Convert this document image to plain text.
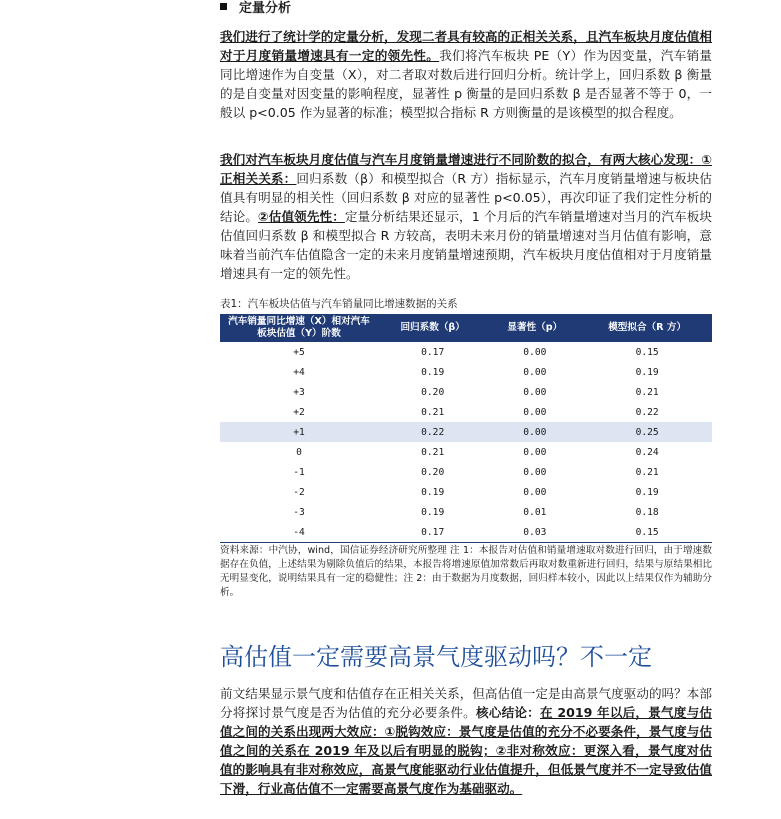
定量分析

我们进行了统计学的定量分析，发现二者具有较高的正相关关系，且汽车板块月度估值相对于月度销量增速具有一定的领先性。我们将汽车板块 PE（Y）作为因变量，汽车销量同比增速作为自变量（X），对二者取对数后进行回归分析。统计学上，回归系数 β 衡量的是自变量对因变量的影响程度，显著性 p 衡量的是回归系数 β 是否显著不等于 0，一般以 p<0.05 作为显著的标准；模型拟合指标 R 方则衡量的是该模型的拟合程度。

我们对汽车板块月度估值与汽车月度销量增速进行不同阶数的拟合，有两大核心发现：①正相关关系：回归系数（β）和模型拟合（R 方）指标显示，汽车月度销量增速与板块估值具有明显的相关性（回归系数 β 对应的显著性 p<0.05），再次印证了我们定性分析的结论。②估值领先性：定量分析结果还显示，1 个月后的汽车销量增速对当月的汽车板块估值回归系数 β 和模型拟合 R 方较高，表明未来月份的销量增速对当月估值有影响，意味着当前汽车估值隐含一定的未来月度销量增速预期，汽车板块月度估值相对于月度销量增速具有一定的领先性。

表1：汽车板块估值与汽车销量同比增速数据的关系
汽车销量同比增速（X）相对汽车板块估值（Y）阶数	回归系数（β）	显著性（p）	模型拟合（R 方）
+5	0.17	0.00	0.15
+4	0.19	0.00	0.19
+3	0.20	0.00	0.21
+2	0.21	0.00	0.22
+1	0.22	0.00	0.25
0	0.21	0.00	0.24
-1	0.20	0.00	0.21
-2	0.19	0.00	0.19
-3	0.19	0.01	0.18
-4	0.17	0.03	0.15

资料来源：中汽协，wind，国信证券经济研究所整理 注 1：本报告对估值和销量增速取对数进行回归，由于增速数据存在负值，上述结果为剔除负值后的结果，本报告将增速原值加常数后再取对数重新进行回归，结果与原结果相比无明显变化，说明结果具有一定的稳健性；注 2：由于数据为月度数据，回归样本较小，因此以上结果仅作为辅助分析。

高估值一定需要高景气度驱动吗？不一定

前文结果显示景气度和估值存在正相关关系，但高估值一定是由高景气度驱动的吗？本部分将探讨景气度是否为估值的充分必要条件。核心结论：在 2019 年以后，景气度与估值之间的关系出现两大效应：①脱钩效应：景气度是估值的充分不必要条件，景气度与估值之间的关系在 2019 年及以后有明显的脱钩；②非对称效应：更深入看，景气度对估值的影响具有非对称效应，高景气度能驱动行业估值提升，但低景气度并不一定导致估值下滑，行业高估值不一定需要高景气度作为基础驱动。
